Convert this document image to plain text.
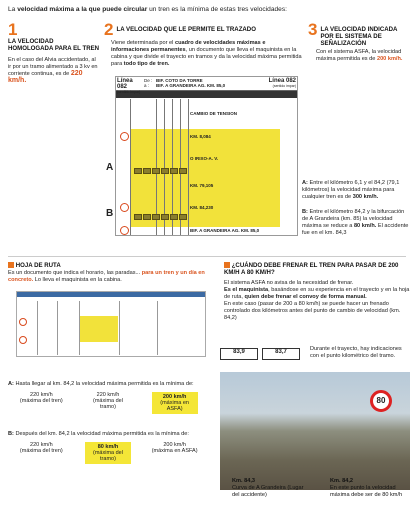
La velocidad máxima a la que puede circular un tren es la mínima de estas tres velocidades:
1
LA VELOCIDAD HOMOLOGADA PARA EL TREN
En el caso del Alvia accidentado, al ir por un tramo alimentado a 3 kv en corriente continua, es de 220 km/h.
2 LA VELOCIDAD QUE LE PERMITE EL TRAZADO
Viene determinada por el cuadro de velocidades máximas e informaciones permanentes, un documento que lleva el maquinista en la cabina y que divide el trayecto en tramos y da la velocidad máxima permitida para todo tipo de tren.
3 LA VELOCIDAD INDICADA POR EL SISTEMA DE SEÑALIZACIÓN
Con el sistema ASFA, la velocidad máxima permitida es de 200 km/h.
Línea 082
(sentido impar)
De :
a :
BIF. COTO DA TORRE
BIF. A GRANDEIRA AG. KM. 85,0
Línea 082
(sentido impar)
CAMBIO DE TENSION
KM. 8,084
O IRIXO-A. V.
KM. 79,105
KM. 84,230
BIF. A GRANDEIRA AG. KM. 85,0
A
B
A: Entre el kilómetro 6,1 y el 84,2 (79,1 kilómetros) la velocidad máxima para cualquier tren es de 300 km/h.
B: Entre el kilómetro 84,2 y la bifurcación de A Grandeira (km. 85) la velocidad máxima se reduce a 80 km/h. El accidente fue en el km. 84,3
HOJA DE RUTA
Es un documento que indica el horario, las paradas... para un tren y un día en concreto. Lo lleva el maquinista en la cabina.
A: Hasta llegar al km. 84,2 la velocidad máxima permitida es la mínima de:
220 km/h
(máxima del tren)
220 km/h
(máxima del tramo)
200 km/h
(máxima en ASFA)
B: Después del km. 84,2 la velocidad máxima permitida es la mínima de:
220 km/h
(máxima del tren)
80 km/h
(máxima del tramo)
200 km/h
(máxima en ASFA)
¿CUÁNDO DEBE FRENAR EL TREN PARA PASAR DE 200 KM/H A 80 KM/H?
El sistema ASFA no avisa de la necesidad de frenar.
Es el maquinista, basándose en su experiencia en el trayecto y en la hoja de ruta, quien debe frenar el convoy de forma manual.
En este caso (pasar de 200 a 80 km/h) se puede hacer un frenado controlado dos kilómetros antes del punto de cambio de velocidad (km. 84,2)
83,9	83,7	Durante el trayecto, hay indicaciones con el punto kilométrico del tramo.
80
Km. 84,3
Curva de A Grandeira (Lugar del accidente)
Km. 84,2
En este punto la velocidad máxima debe ser de 80 km/h
